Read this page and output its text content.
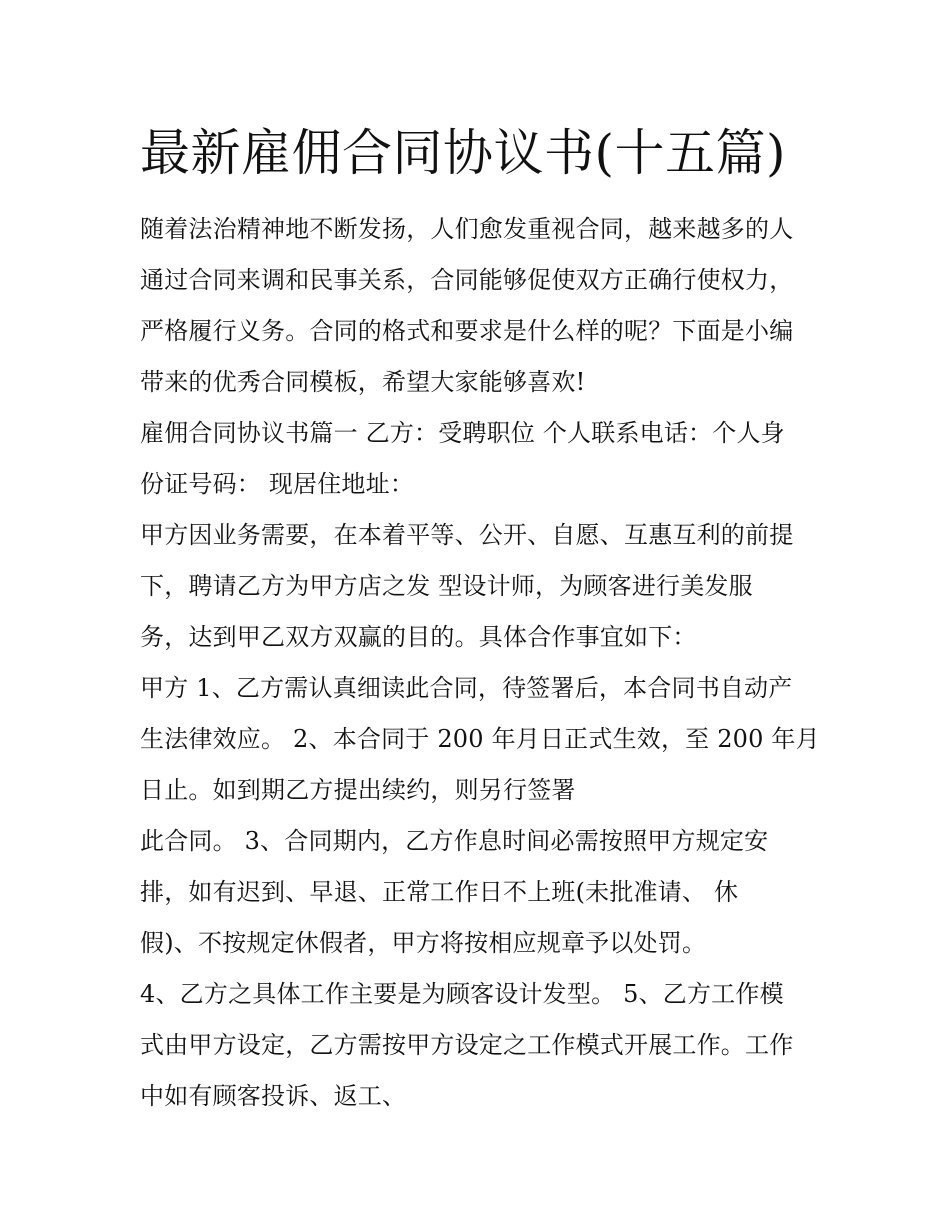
最新雇佣合同协议书(十五篇)
随着法治精神地不断发扬，人们愈发重视合同，越来越多的人
通过合同来调和民事关系，合同能够促使双方正确行使权力，
严格履行义务。合同的格式和要求是什么样的呢？下面是小编
带来的优秀合同模板，希望大家能够喜欢!
雇佣合同协议书篇一 乙方：受聘职位 个人联系电话：个人身
份证号码： 现居住地址：
甲方因业务需要，在本着平等、公开、自愿、互惠互利的前提
下，聘请乙方为甲方店之发 型设计师，为顾客进行美发服
务，达到甲乙双方双赢的目的。具体合作事宜如下：
甲方 1、乙方需认真细读此合同，待签署后，本合同书自动产
生法律效应。 2、本合同于 200 年月日正式生效，至 200 年月
日止。如到期乙方提出续约，则另行签署
此合同。 3、合同期内，乙方作息时间必需按照甲方规定安
排，如有迟到、早退、正常工作日不上班(未批准请、 休
假)、不按规定休假者，甲方将按相应规章予以处罚。
4、乙方之具体工作主要是为顾客设计发型。 5、乙方工作模
式由甲方设定，乙方需按甲方设定之工作模式开展工作。工作
中如有顾客投诉、返工、
